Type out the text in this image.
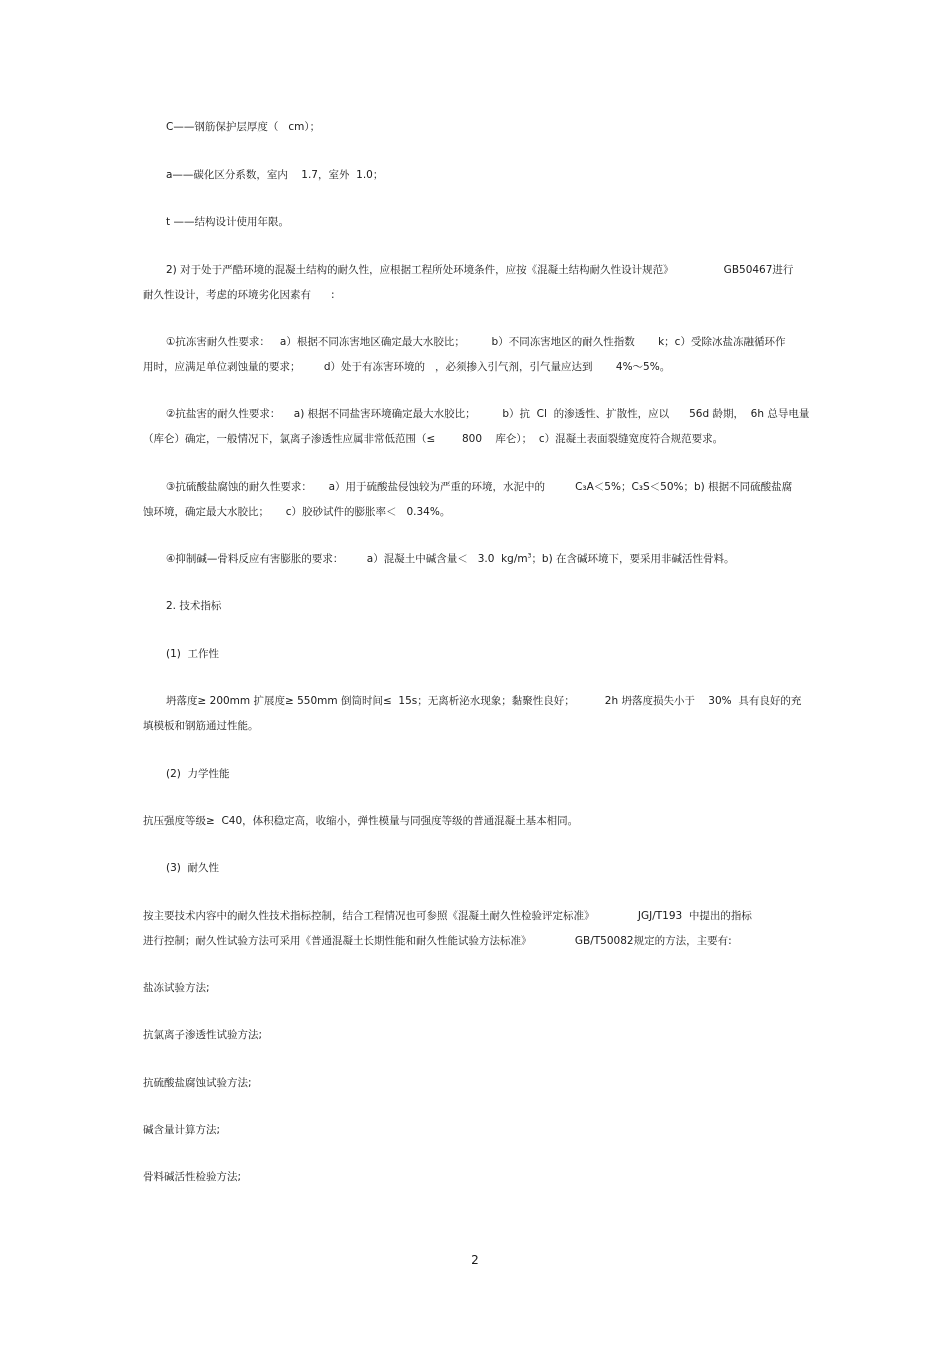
C——钢筋保护层厚度（   cm）；
a——碳化区分系数，室内    1.7，室外  1.0；
t ——结构设计使用年限。
2) 对于处于严酷环境的混凝土结构的耐久性，应根据工程所处环境条件，应按《混凝土结构耐久性设计规范》               GB50467进行
耐久性设计，考虑的环境劣化因素有      :
①抗冻害耐久性要求：   a）根据不同冻害地区确定最大水胶比；        b）不同冻害地区的耐久性指数       k；c）受除冰盐冻融循环作
用时，应满足单位剥蚀量的要求；       d）处于有冻害环境的   ，必须掺入引气剂，引气量应达到       4%～5%。
②抗盐害的耐久性要求：    a) 根据不同盐害环境确定最大水胶比；        b）抗  Cl  的渗透性、扩散性，应以      56d 龄期，  6h 总导电量
（库仑）确定，一般情况下，氯离子渗透性应属非常低范围（≤        800    库仑）；  c）混凝土表面裂缝宽度符合规范要求。
③抗硫酸盐腐蚀的耐久性要求：     a）用于硫酸盐侵蚀较为严重的环境，水泥中的         C₃A＜5%；C₃S＜50%；b) 根据不同硫酸盐腐
蚀环境，确定最大水胶比；     c）胶砂试件的膨胀率＜   0.34%。
④抑制碱—骨料反应有害膨胀的要求：       a）混凝土中碱含量＜   3.0  $kg/m^3$；b) 在含碱环境下，要采用非碱活性骨料。
2. 技术指标
(1)  工作性
坍落度≥ 200mm 扩展度≥ 550mm 倒筒时间≤  15s；无离析泌水现象；黏聚性良好；         2h 坍落度损失小于    30%  具有良好的充
填模板和钢筋通过性能。
(2)  力学性能
抗压强度等级≥  C40，体积稳定高，收缩小，弹性模量与同强度等级的普通混凝土基本相同。
(3)  耐久性
按主要技术内容中的耐久性技术指标控制，结合工程情况也可参照《混凝土耐久性检验评定标准》             JGJ/T193  中提出的指标
进行控制；耐久性试验方法可采用《普通混凝土长期性能和耐久性能试验方法标准》             GB/T50082规定的方法，主要有:
盐冻试验方法;
抗氯离子渗透性试验方法;
抗硫酸盐腐蚀试验方法;
碱含量计算方法;
骨料碱活性检验方法;
2
